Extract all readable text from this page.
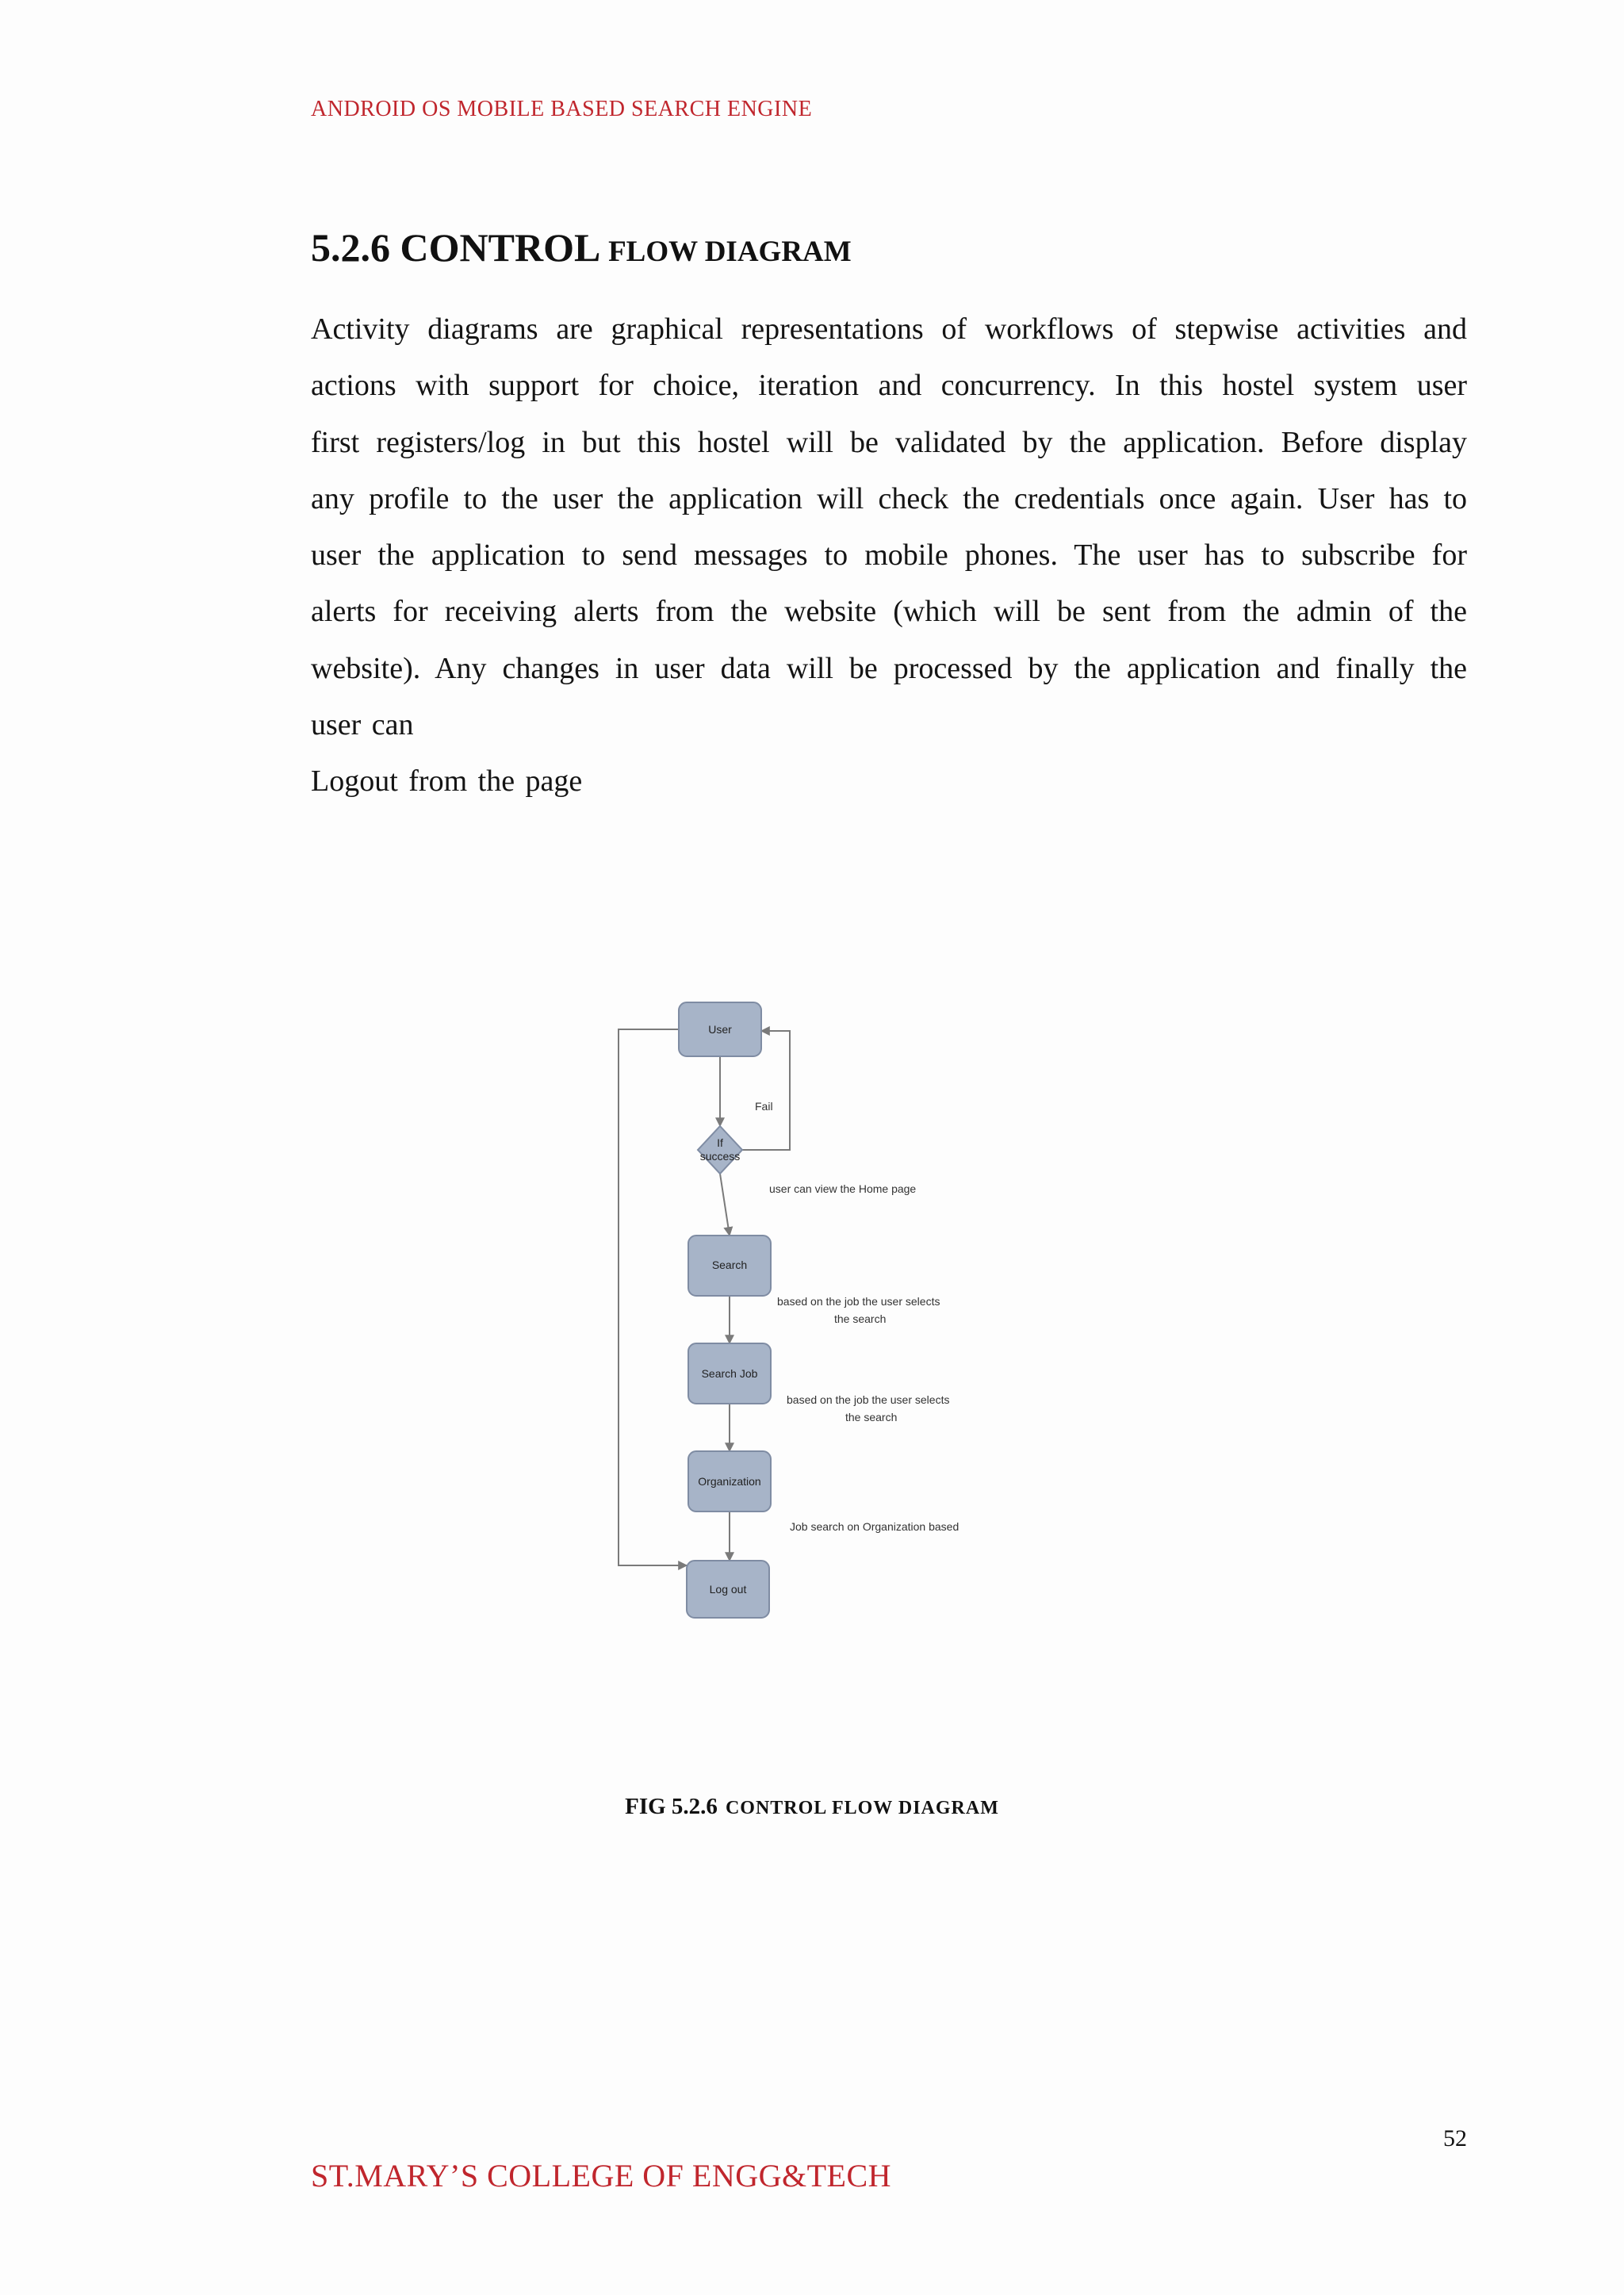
ANDROID OS MOBILE BASED SEARCH ENGINE
5.2.6 CONTROL FLOW DIAGRAM
Activity diagrams are graphical representations of workflows of stepwise activities and
actions with support for choice, iteration and concurrency. In this hostel system user
first registers/log in but this hostel will be validated by the application. Before display
any profile to the user the application will check the credentials once again. User has to
user the application to send messages to mobile phones. The user has to subscribe for
alerts for receiving alerts from the website (which will be sent from the admin of the
website). Any changes in user data will be processed by the application and finally the
user can
Logout from the page
User
If
success
Search
Search Job
Organization
Log out
Fail
user can view the Home page
based on the job the user selects
the search
based on the job the user selects
the search
Job search on Organization based
FIG 5.2.6 CONTROL FLOW DIAGRAM
52
ST.MARY’S COLLEGE OF ENGG&TECH
